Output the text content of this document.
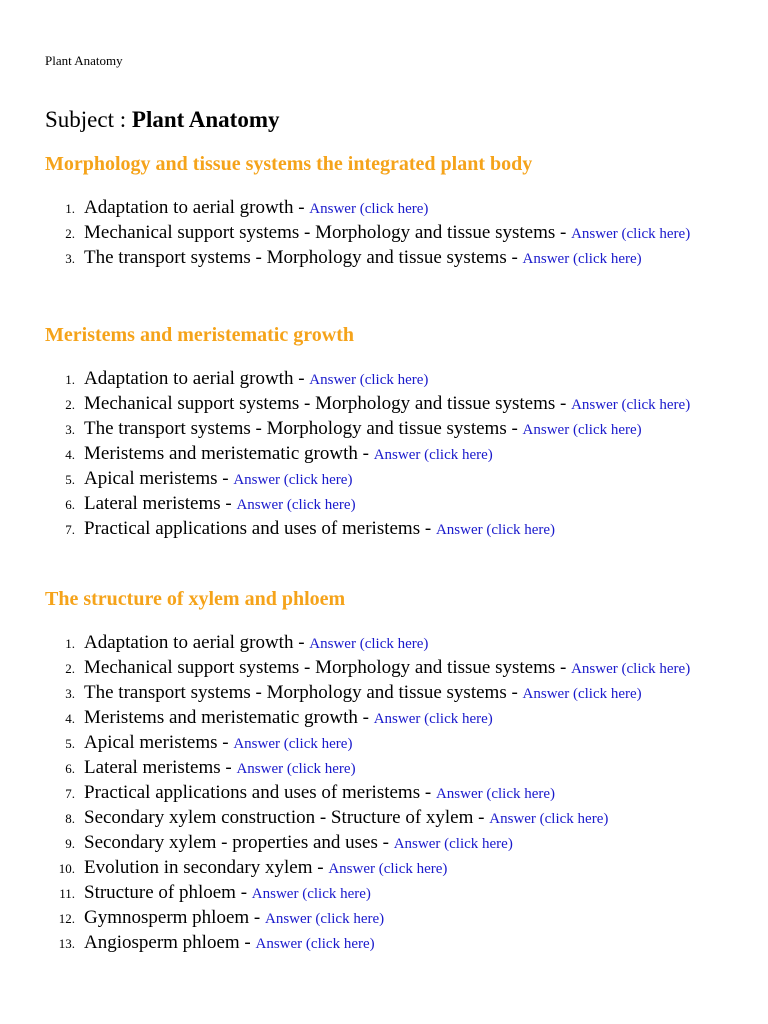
Plant Anatomy
Subject : Plant Anatomy
Morphology and tissue systems the integrated plant body
1. Adaptation to aerial growth - Answer (click here)
2. Mechanical support systems - Morphology and tissue systems - Answer (click here)
3. The transport systems - Morphology and tissue systems - Answer (click here)
Meristems and meristematic growth
1. Adaptation to aerial growth - Answer (click here)
2. Mechanical support systems - Morphology and tissue systems - Answer (click here)
3. The transport systems - Morphology and tissue systems - Answer (click here)
4. Meristems and meristematic growth - Answer (click here)
5. Apical meristems - Answer (click here)
6. Lateral meristems - Answer (click here)
7. Practical applications and uses of meristems - Answer (click here)
The structure of xylem and phloem
1. Adaptation to aerial growth - Answer (click here)
2. Mechanical support systems - Morphology and tissue systems - Answer (click here)
3. The transport systems - Morphology and tissue systems - Answer (click here)
4. Meristems and meristematic growth - Answer (click here)
5. Apical meristems - Answer (click here)
6. Lateral meristems - Answer (click here)
7. Practical applications and uses of meristems - Answer (click here)
8. Secondary xylem construction - Structure of xylem - Answer (click here)
9. Secondary xylem - properties and uses - Answer (click here)
10. Evolution in secondary xylem - Answer (click here)
11. Structure of phloem - Answer (click here)
12. Gymnosperm phloem - Answer (click here)
13. Angiosperm phloem - Answer (click here)
